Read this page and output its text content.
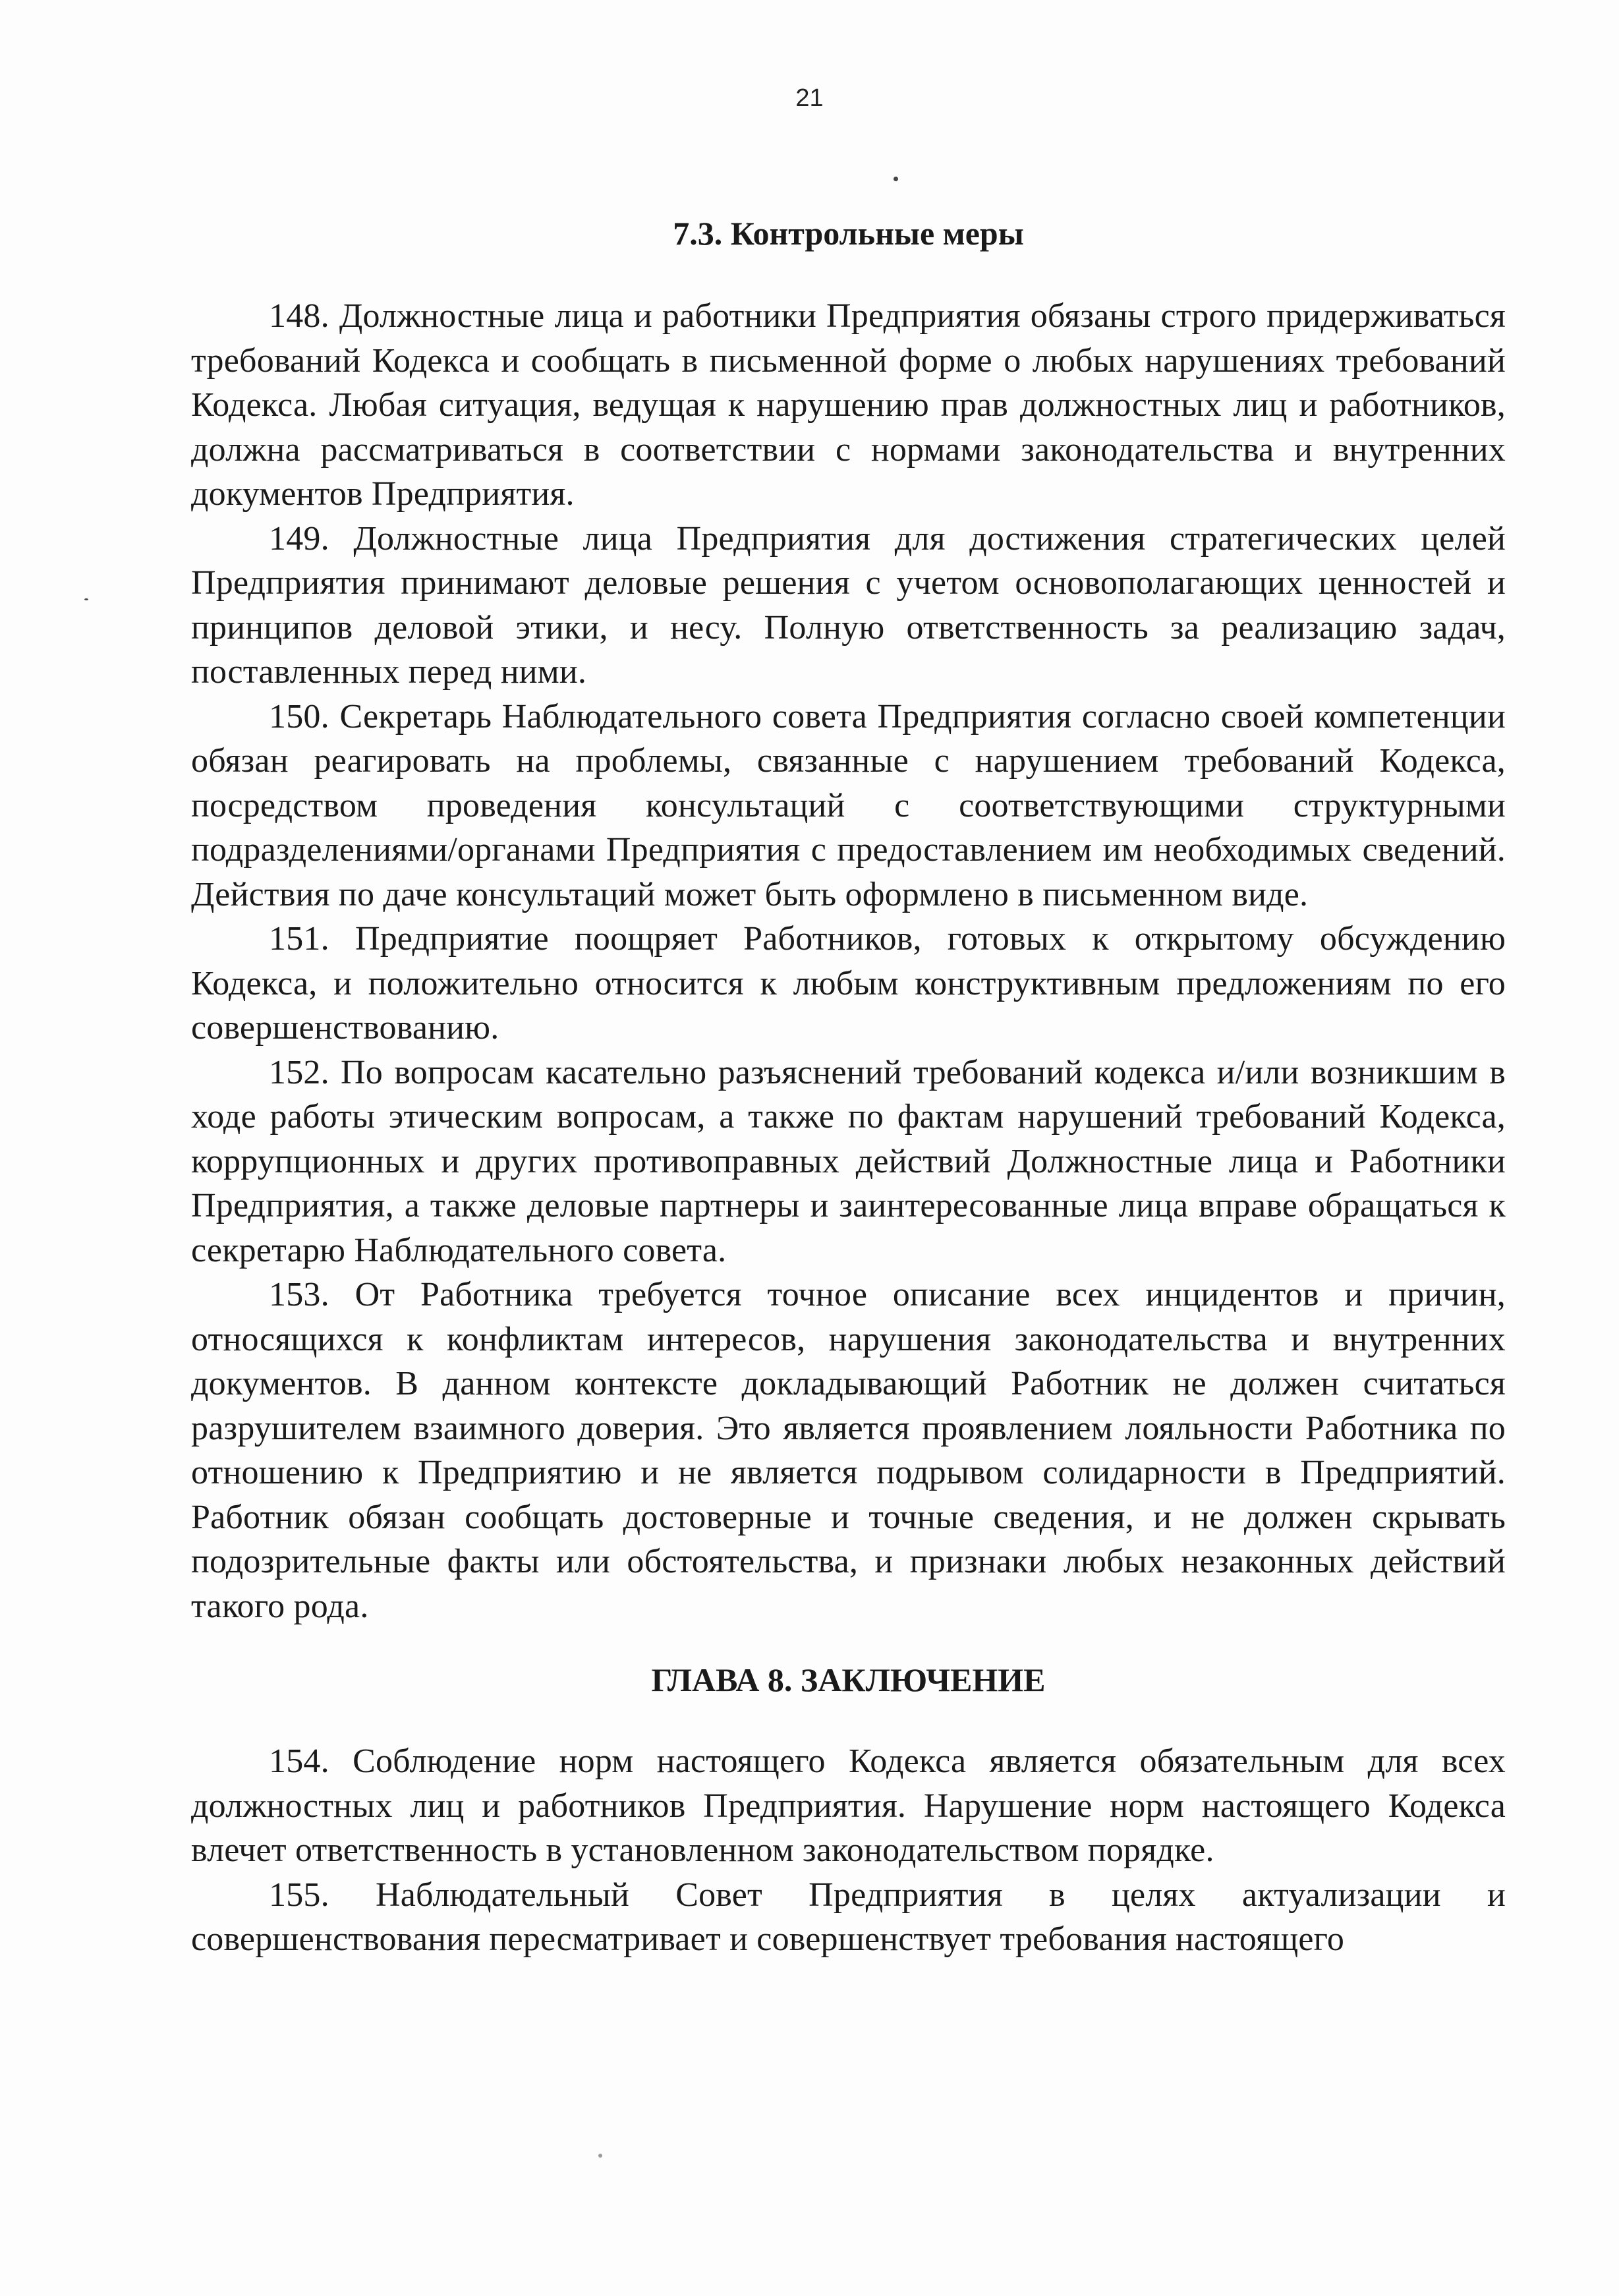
21
7.3. Контрольные меры

148. Должностные лица и работники Предприятия обязаны строго придерживаться требований Кодекса и сообщать в письменной форме о любых нарушениях требований Кодекса. Любая ситуация, ведущая к нарушению прав должностных лиц и работников, должна рассматриваться в соответствии с нормами законодательства и внутренних документов Предприятия.

149. Должностные лица Предприятия для достижения стратегических целей Предприятия принимают деловые решения с учетом основополагающих ценностей и принципов деловой этики, и несу. Полную ответственность за реализацию задач, поставленных перед ними.

150. Секретарь Наблюдательного совета Предприятия согласно своей компетенции обязан реагировать на проблемы, связанные с нарушением требований Кодекса, посредством проведения консультаций с соответствующими структурными подразделениями/органами Предприятия с предоставлением им необходимых сведений. Действия по даче консультаций может быть оформлено в письменном виде.

151. Предприятие поощряет Работников, готовых к открытому обсуждению Кодекса, и положительно относится к любым конструктивным предложениям по его совершенствованию.

152. По вопросам касательно разъяснений требований кодекса и/или возникшим в ходе работы этическим вопросам, а также по фактам нарушений требований Кодекса, коррупционных и других противоправных действий Должностные лица и Работники Предприятия, а также деловые партнеры и заинтересованные лица вправе обращаться к секретарю Наблюдательного совета.

153. От Работника требуется точное описание всех инцидентов и причин, относящихся к конфликтам интересов, нарушения законодательства и внутренних документов. В данном контексте докладывающий Работник не должен считаться разрушителем взаимного доверия. Это является проявлением лояльности Работника по отношению к Предприятию и не является подрывом солидарности в Предприятий. Работник обязан сообщать достоверные и точные сведения, и не должен скрывать подозрительные факты или обстоятельства, и признаки любых незаконных действий такого рода.

ГЛАВА 8. ЗАКЛЮЧЕНИЕ

154. Соблюдение норм настоящего Кодекса является обязательным для всех должностных лиц и работников Предприятия. Нарушение норм настоящего Кодекса влечет ответственность в установленном законодательством порядке.

155. Наблюдательный Совет Предприятия в целях актуализации и совершенствования пересматривает и совершенствует требования настоящего
